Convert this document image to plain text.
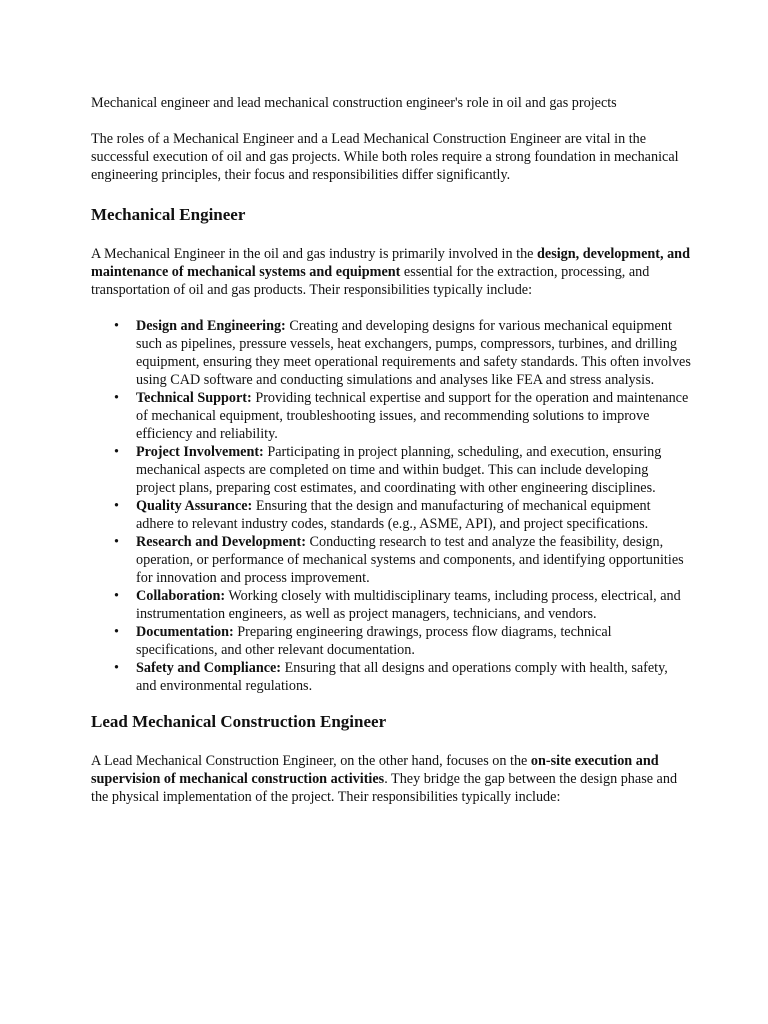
Mechanical engineer and lead mechanical construction engineer's role in oil and gas projects

The roles of a Mechanical Engineer and a Lead Mechanical Construction Engineer are vital in the successful execution of oil and gas projects. While both roles require a strong foundation in mechanical engineering principles, their focus and responsibilities differ significantly.

Mechanical Engineer

A Mechanical Engineer in the oil and gas industry is primarily involved in the design, development, and maintenance of mechanical systems and equipment essential for the extraction, processing, and transportation of oil and gas products. Their responsibilities typically include:

• Design and Engineering: Creating and developing designs for various mechanical equipment such as pipelines, pressure vessels, heat exchangers, pumps, compressors, turbines, and drilling equipment, ensuring they meet operational requirements and safety standards. This often involves using CAD software and conducting simulations and analyses like FEA and stress analysis.
• Technical Support: Providing technical expertise and support for the operation and maintenance of mechanical equipment, troubleshooting issues, and recommending solutions to improve efficiency and reliability.
• Project Involvement: Participating in project planning, scheduling, and execution, ensuring mechanical aspects are completed on time and within budget. This can include developing project plans, preparing cost estimates, and coordinating with other engineering disciplines.
• Quality Assurance: Ensuring that the design and manufacturing of mechanical equipment adhere to relevant industry codes, standards (e.g., ASME, API), and project specifications.
• Research and Development: Conducting research to test and analyze the feasibility, design, operation, or performance of mechanical systems and components, and identifying opportunities for innovation and process improvement.
• Collaboration: Working closely with multidisciplinary teams, including process, electrical, and instrumentation engineers, as well as project managers, technicians, and vendors.
• Documentation: Preparing engineering drawings, process flow diagrams, technical specifications, and other relevant documentation.
• Safety and Compliance: Ensuring that all designs and operations comply with health, safety, and environmental regulations.
Lead Mechanical Construction Engineer

A Lead Mechanical Construction Engineer, on the other hand, focuses on the on-site execution and supervision of mechanical construction activities. They bridge the gap between the design phase and the physical implementation of the project. Their responsibilities typically include:
